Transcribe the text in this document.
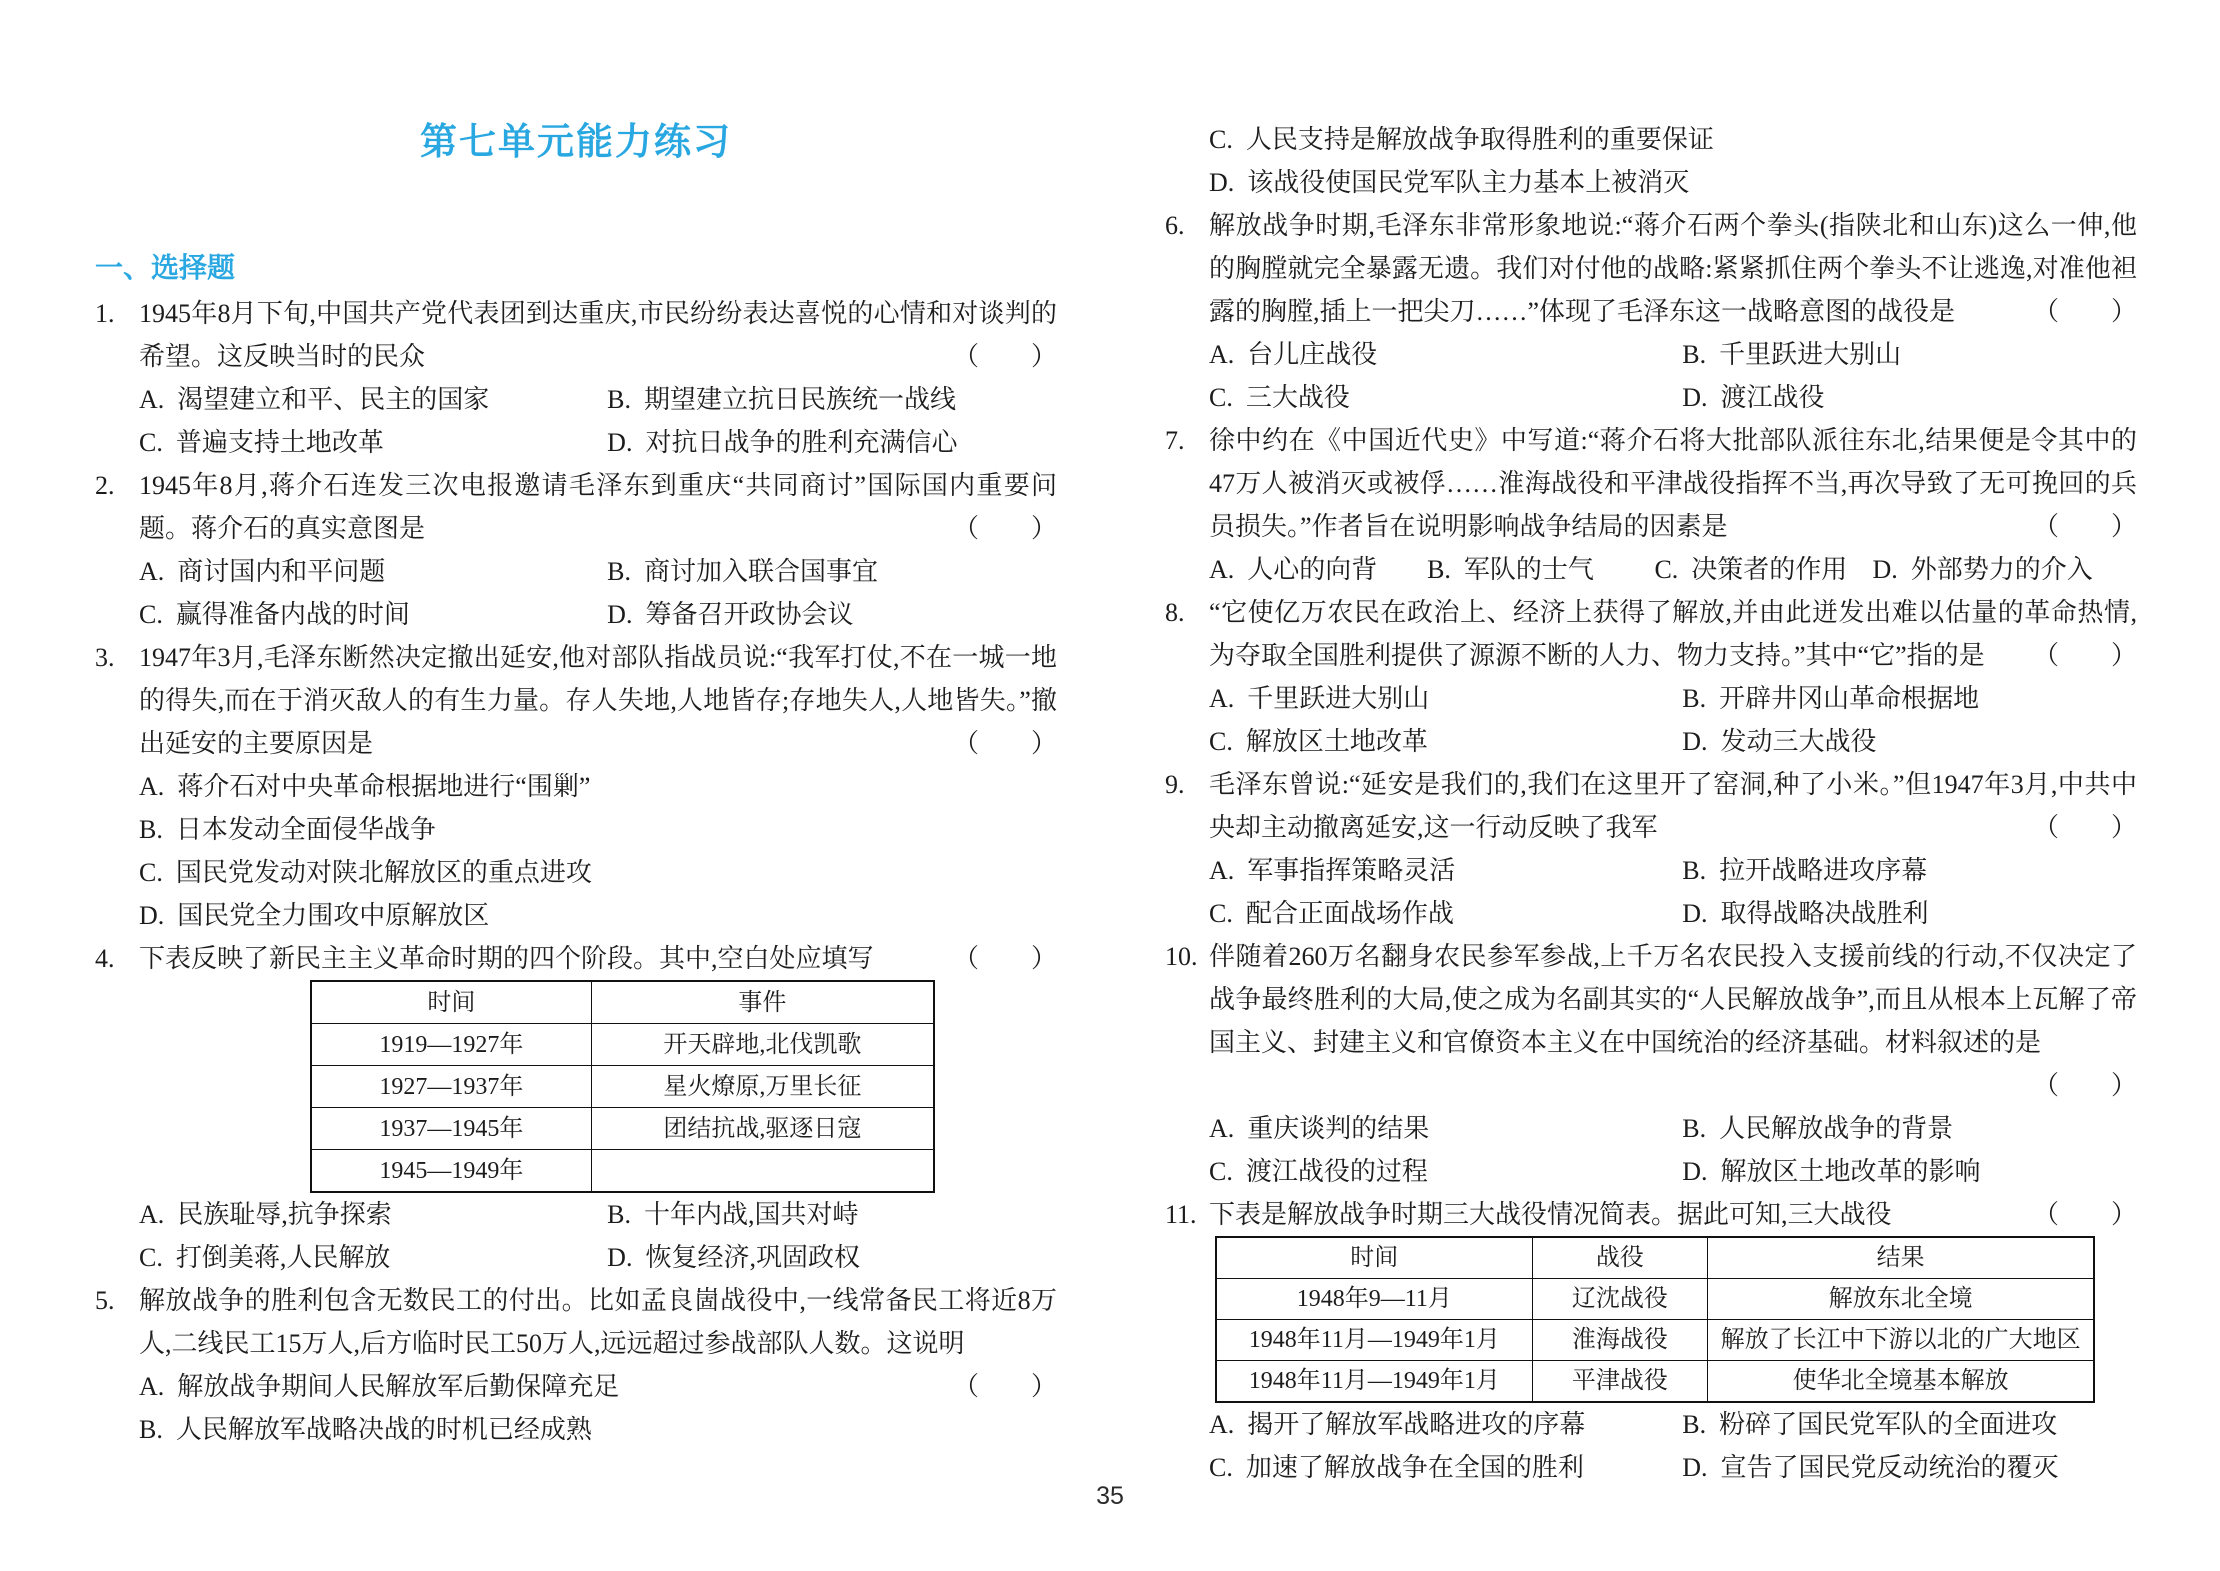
第七单元能力练习
一、选择题
1. 1945年8月下旬,中国共产党代表团到达重庆,市民纷纷表达喜悦的心情和对谈判的希望。这反映当时的民众	（　　）
A. 渴望建立和平、民主的国家	B. 期望建立抗日民族统一战线
C. 普遍支持土地改革	D. 对抗日战争的胜利充满信心
2. 1945年8月,蒋介石连发三次电报邀请毛泽东到重庆“共同商讨”国际国内重要问题。蒋介石的真实意图是	（　　）
A. 商讨国内和平问题	B. 商讨加入联合国事宜
C. 赢得准备内战的时间	D. 筹备召开政协会议
3. 1947年3月,毛泽东断然决定撤出延安,他对部队指战员说:“我军打仗,不在一城一地的得失,而在于消灭敌人的有生力量。存人失地,人地皆存;存地失人,人地皆失。”撤出延安的主要原因是	（　　）
A. 蒋介石对中央革命根据地进行“围剿”
B. 日本发动全面侵华战争
C. 国民党发动对陕北解放区的重点进攻
D. 国民党全力围攻中原解放区
4. 下表反映了新民主主义革命时期的四个阶段。其中,空白处应填写	（　　）
时间	事件
1919—1927年	开天辟地,北伐凯歌
1927—1937年	星火燎原,万里长征
1937—1945年	团结抗战,驱逐日寇
1945—1949年	
A. 民族耻辱,抗争探索	B. 十年内战,国共对峙
C. 打倒美蒋,人民解放	D. 恢复经济,巩固政权
5. 解放战争的胜利包含无数民工的付出。比如孟良崮战役中,一线常备民工将近8万人,二线民工15万人,后方临时民工50万人,远远超过参战部队人数。这说明
（　　）
A. 解放战争期间人民解放军后勤保障充足
B. 人民解放军战略决战的时机已经成熟
C. 人民支持是解放战争取得胜利的重要保证
D. 该战役使国民党军队主力基本上被消灭
6. 解放战争时期,毛泽东非常形象地说:“蒋介石两个拳头(指陕北和山东)这么一伸,他的胸膛就完全暴露无遗。我们对付他的战略:紧紧抓住两个拳头不让逃逸,对准他袒露的胸膛,插上一把尖刀……”体现了毛泽东这一战略意图的战役是	（　　）
A. 台儿庄战役	B. 千里跃进大别山
C. 三大战役	D. 渡江战役
7. 徐中约在《中国近代史》中写道:“蒋介石将大批部队派往东北,结果便是令其中的47万人被消灭或被俘……淮海战役和平津战役指挥不当,再次导致了无可挽回的兵员损失。”作者旨在说明影响战争结局的因素是	（　　）
A. 人心的向背	B. 军队的士气	C. 决策者的作用 D. 外部势力的介入
8. “它使亿万农民在政治上、经济上获得了解放,并由此迸发出难以估量的革命热情,为夺取全国胜利提供了源源不断的人力、物力支持。”其中“它”指的是 （　　）
A. 千里跃进大别山	B. 开辟井冈山革命根据地
C. 解放区土地改革	D. 发动三大战役
9. 毛泽东曾说:“延安是我们的,我们在这里开了窑洞,种了小米。”但1947年3月,中共中央却主动撤离延安,这一行动反映了我军	（　　）
A. 军事指挥策略灵活	B. 拉开战略进攻序幕
C. 配合正面战场作战	D. 取得战略决战胜利
10. 伴随着260万名翻身农民参军参战,上千万名农民投入支援前线的行动,不仅决定了战争最终胜利的大局,使之成为名副其实的“人民解放战争”,而且从根本上瓦解了帝国主义、封建主义和官僚资本主义在中国统治的经济基础。材料叙述的是
（　　）
A. 重庆谈判的结果	B. 人民解放战争的背景
C. 渡江战役的过程	D. 解放区土地改革的影响
11. 下表是解放战争时期三大战役情况简表。据此可知,三大战役	（　　）
时间	战役	结果
1948年9—11月	辽沈战役	解放东北全境
1948年11月—1949年1月	淮海战役	解放了长江中下游以北的广大地区
1948年11月—1949年1月	平津战役	使华北全境基本解放
A. 揭开了解放军战略进攻的序幕	B. 粉碎了国民党军队的全面进攻
C. 加速了解放战争在全国的胜利	D. 宣告了国民党反动统治的覆灭
35
